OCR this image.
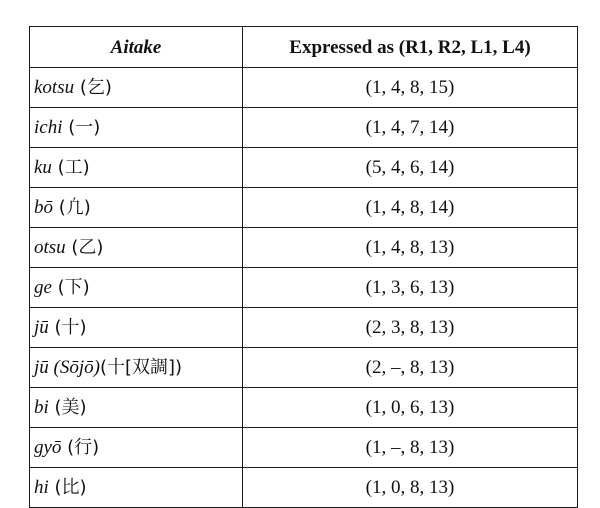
Aitake	Expressed as (R1, R2, L1, L4)
kotsu (乞)	(1, 4, 8, 15)
ichi (一)	(1, 4, 7, 14)
ku (工)	(5, 4, 6, 14)
bō (凢)	(1, 4, 8, 14)
otsu (乙)	(1, 4, 8, 13)
ge (下)	(1, 3, 6, 13)
jū (十)	(2, 3, 8, 13)
jū (Sōjō)(十[双調])	(2, –, 8, 13)
bi (美)	(1, 0, 6, 13)
gyō (行)	(1, –, 8, 13)
hi (比)	(1, 0, 8, 13)
